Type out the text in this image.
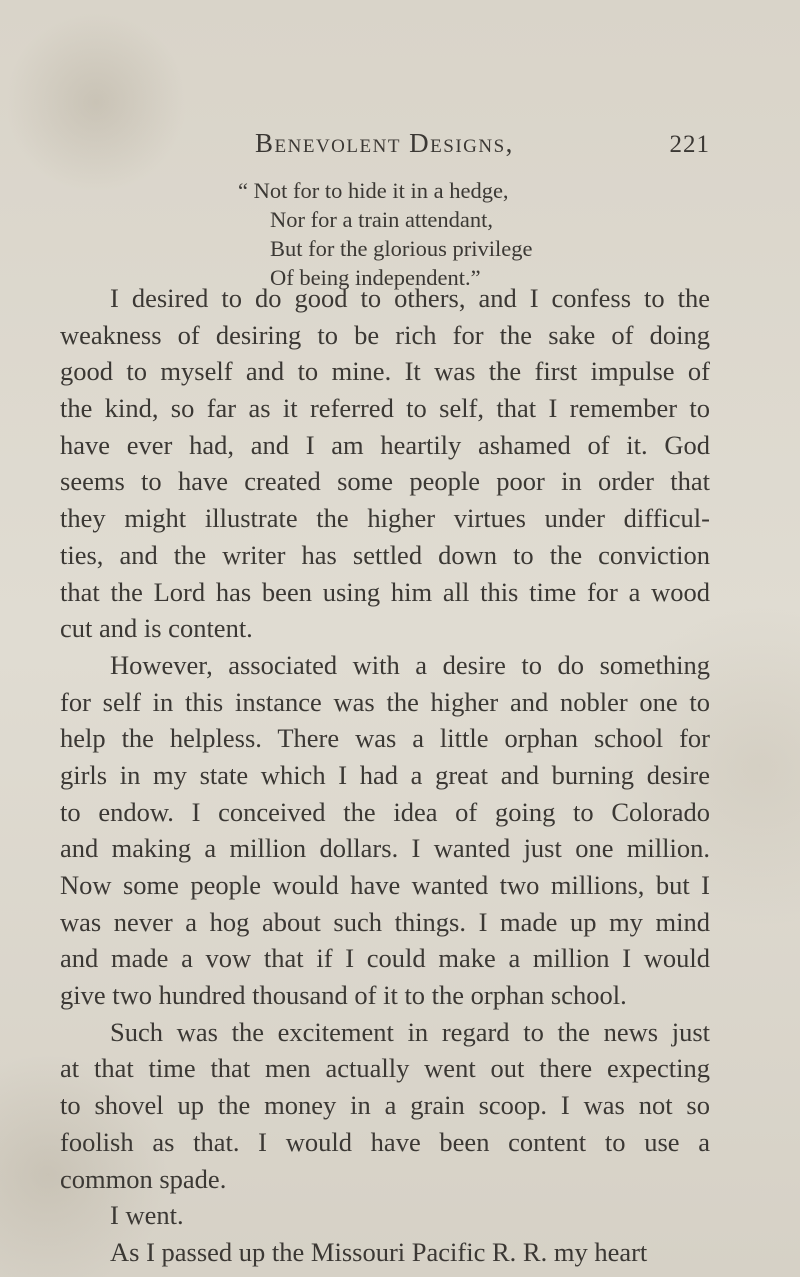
Benevolent Designs,	221
“ Not for to hide it in a hedge,
Nor for a train attendant,
But for the glorious privilege
Of being independent.”
I desired to do good to others, and I confess to the
weakness of desiring to be rich for the sake of doing
good to myself and to mine. It was the first impulse of
the kind, so far as it referred to self, that I remember to
have ever had, and I am heartily ashamed of it. God
seems to have created some people poor in order that
they might illustrate the higher virtues under difficul-
ties, and the writer has settled down to the conviction
that the Lord has been using him all this time for a wood
cut and is content.
However, associated with a desire to do something
for self in this instance was the higher and nobler one to
help the helpless. There was a little orphan school for
girls in my state which I had a great and burning desire
to endow. I conceived the idea of going to Colorado
and making a million dollars. I wanted just one million.
Now some people would have wanted two millions, but I
was never a hog about such things. I made up my mind
and made a vow that if I could make a million I would
give two hundred thousand of it to the orphan school.
Such was the excitement in regard to the news just
at that time that men actually went out there expecting
to shovel up the money in a grain scoop. I was not so
foolish as that. I would have been content to use a
common spade.
I went.
As I passed up the Missouri Pacific R. R. my heart
